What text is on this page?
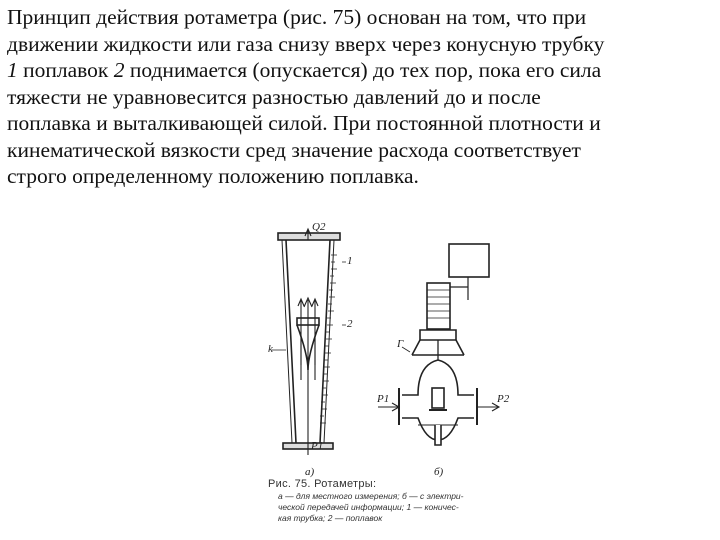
Принцип действия ротаметра (рис. 75) основан на том, что при
движении жидкости или газа снизу вверх через конусную трубку
1 поплавок 2 поднимается (опускается) до тех пор, пока его сила
тяжести не уравновесится разностью давлений до и после
поплавка и выталкивающей силой. При постоянной плотности и
кинематической вязкости сред значение расхода соответствует
строго определенному положению поплавка.

Q2
1
2
k
P1
а)
Г
P1	P2
б)
Рис. 75. Ротаметры:
а — для местного измерения; б — с электри-
ческой передачей информации; 1 — коничес-
кая трубка; 2 — поплавок
